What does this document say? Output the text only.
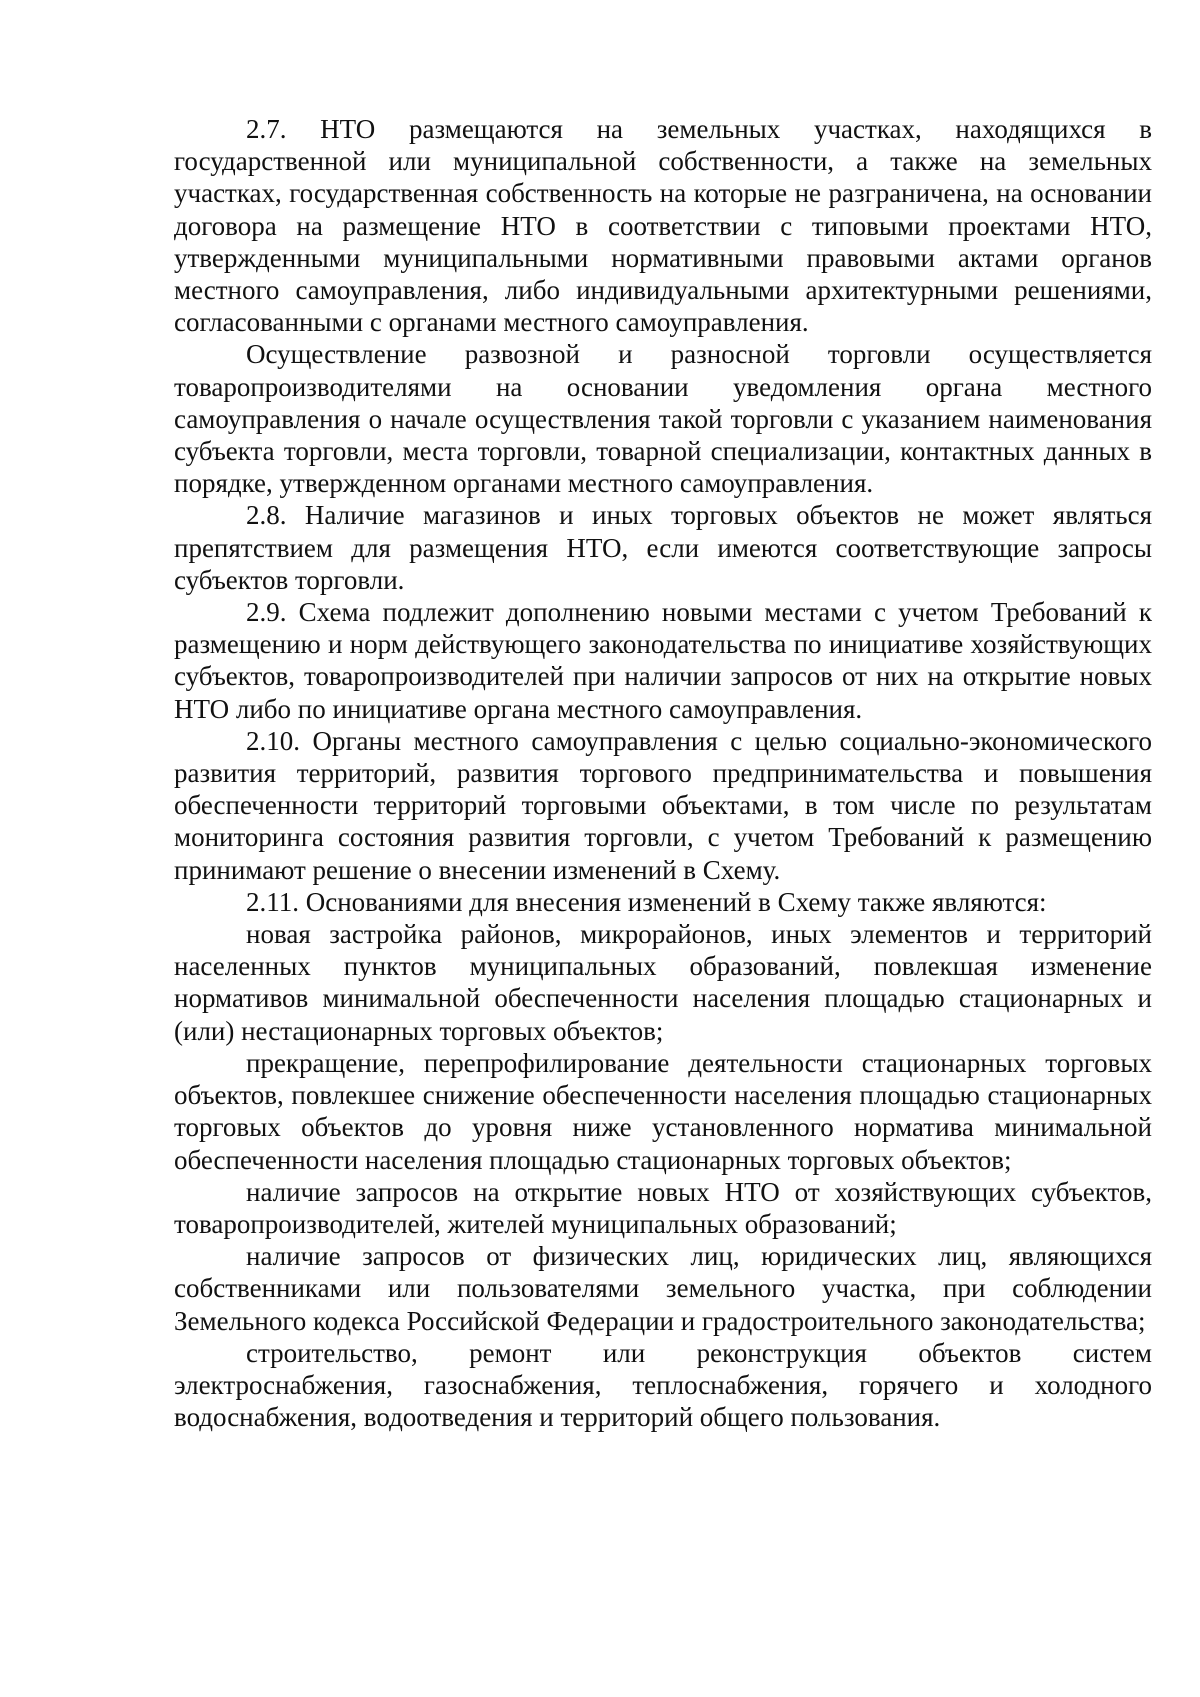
2.7. НТО размещаются на земельных участках, находящихся в государственной или муниципальной собственности, а также на земельных участках, государственная собственность на которые не разграничена, на основании договора на размещение НТО в соответствии с типовыми проектами НТО, утвержденными муниципальными нормативными правовыми актами органов местного самоуправления, либо индивидуальными архитектурными решениями, согласованными с органами местного самоуправления.

Осуществление развозной и разносной торговли осуществляется товаропроизводителями на основании уведомления органа местного самоуправления о начале осуществления такой торговли с указанием наименования субъекта торговли, места торговли, товарной специализации, контактных данных в порядке, утвержденном органами местного самоуправления.

2.8. Наличие магазинов и иных торговых объектов не может являться препятствием для размещения НТО, если имеются соответствующие запросы субъектов торговли.

2.9. Схема подлежит дополнению новыми местами с учетом Требований к размещению и норм действующего законодательства по инициативе хозяйствующих субъектов, товаропроизводителей при наличии запросов от них на открытие новых НТО либо по инициативе органа местного самоуправления.

2.10. Органы местного самоуправления с целью социально-экономического развития территорий, развития торгового предпринимательства и повышения обеспеченности территорий торговыми объектами, в том числе по результатам мониторинга состояния развития торговли, с учетом Требований к размещению принимают решение о внесении изменений в Схему.

2.11. Основаниями для внесения изменений в Схему также являются:

новая застройка районов, микрорайонов, иных элементов и территорий населенных пунктов муниципальных образований, повлекшая изменение нормативов минимальной обеспеченности населения площадью стационарных и (или) нестационарных торговых объектов;

прекращение, перепрофилирование деятельности стационарных торговых объектов, повлекшее снижение обеспеченности населения площадью стационарных торговых объектов до уровня ниже установленного норматива минимальной обеспеченности населения площадью стационарных торговых объектов;

наличие запросов на открытие новых НТО от хозяйствующих субъектов, товаропроизводителей, жителей муниципальных образований;

наличие запросов от физических лиц, юридических лиц, являющихся собственниками или пользователями земельного участка, при соблюдении Земельного кодекса Российской Федерации и градостроительного законодательства;

строительство, ремонт или реконструкция объектов систем электроснабжения, газоснабжения, теплоснабжения, горячего и холодного водоснабжения, водоотведения и территорий общего пользования.
